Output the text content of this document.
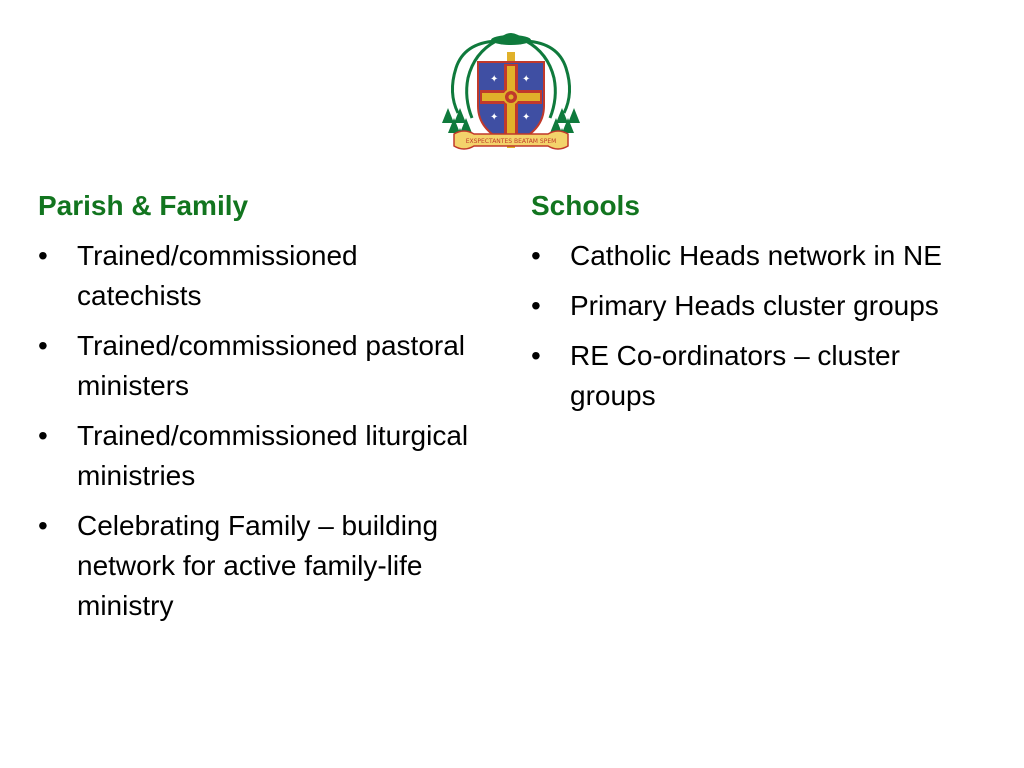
✦ ✦
✦ ✦
EXSPECTANTES BEATAM SPEM
Parish & Family
•	Trained/commissioned catechists
•	Trained/commissioned pastoral ministers
•	Trained/commissioned liturgical ministries
•	Celebrating Family – building network for active family-life ministry
Schools
•	Catholic Heads network in NE
•	Primary Heads cluster groups
•	RE Co-ordinators – cluster groups
